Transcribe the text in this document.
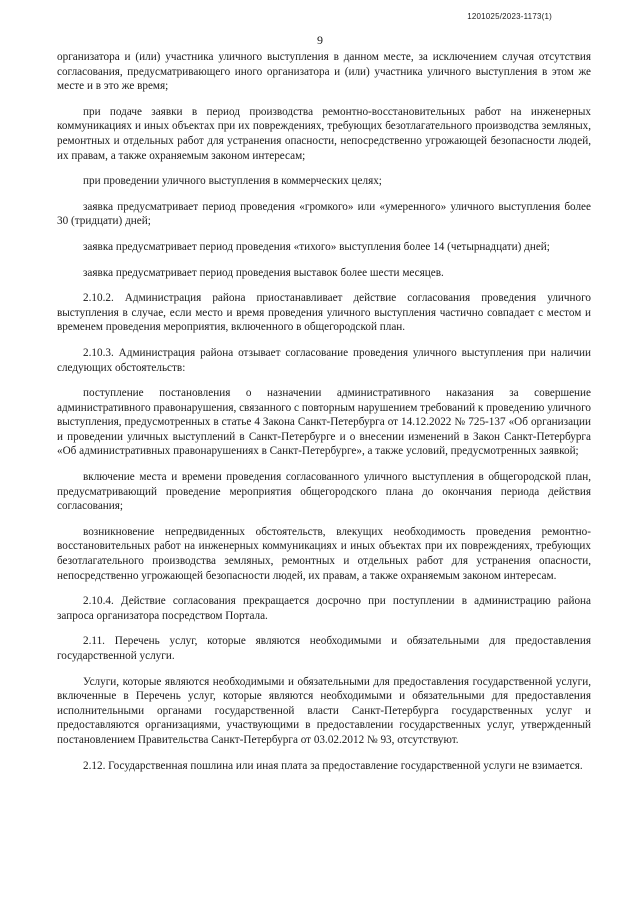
1201025/2023-1173(1)
9

организатора и (или) участника уличного выступления в данном месте, за исключением случая отсутствия согласования, предусматривающего иного организатора и (или) участника уличного выступления в этом же месте и в это же время;

при подаче заявки в период производства ремонтно-восстановительных работ на инженерных коммуникациях и иных объектах при их повреждениях, требующих безотлагательного производства земляных, ремонтных и отдельных работ для устранения опасности, непосредственно угрожающей безопасности людей, их правам, а также охраняемым законом интересам;

при проведении уличного выступления в коммерческих целях;

заявка предусматривает период проведения «громкого» или «умеренного» уличного выступления более 30 (тридцати) дней;

заявка предусматривает период проведения «тихого» выступления более 14 (четырнадцати) дней;

заявка предусматривает период проведения выставок более шести месяцев.

2.10.2. Администрация района приостанавливает действие согласования проведения уличного выступления в случае, если место и время проведения уличного выступления частично совпадает с местом и временем проведения мероприятия, включенного в общегородской план.

2.10.3. Администрация района отзывает согласование проведения уличного выступления при наличии следующих обстоятельств:

поступление постановления о назначении административного наказания за совершение административного правонарушения, связанного с повторным нарушением требований к проведению уличного выступления, предусмотренных в статье 4 Закона Санкт-Петербурга от 14.12.2022 № 725-137 «Об организации и проведении уличных выступлений в Санкт-Петербурге и о внесении изменений в Закон Санкт-Петербурга «Об административных правонарушениях в Санкт-Петербурге», а также условий, предусмотренных заявкой;

включение места и времени проведения согласованного уличного выступления в общегородской план, предусматривающий проведение мероприятия общегородского плана до окончания периода действия согласования;

возникновение непредвиденных обстоятельств, влекущих необходимость проведения ремонтно-восстановительных работ на инженерных коммуникациях и иных объектах при их повреждениях, требующих безотлагательного производства земляных, ремонтных и отдельных работ для устранения опасности, непосредственно угрожающей безопасности людей, их правам, а также охраняемым законом интересам.

2.10.4. Действие согласования прекращается досрочно при поступлении в администрацию района запроса организатора посредством Портала.

2.11. Перечень услуг, которые являются необходимыми и обязательными для предоставления государственной услуги.

Услуги, которые являются необходимыми и обязательными для предоставления государственной услуги, включенные в Перечень услуг, которые являются необходимыми и обязательными для предоставления исполнительными органами государственной власти Санкт-Петербурга государственных услуг и предоставляются организациями, участвующими в предоставлении государственных услуг, утвержденный постановлением Правительства Санкт-Петербурга от 03.02.2012 № 93, отсутствуют.

2.12. Государственная пошлина или иная плата за предоставление государственной услуги не взимается.
